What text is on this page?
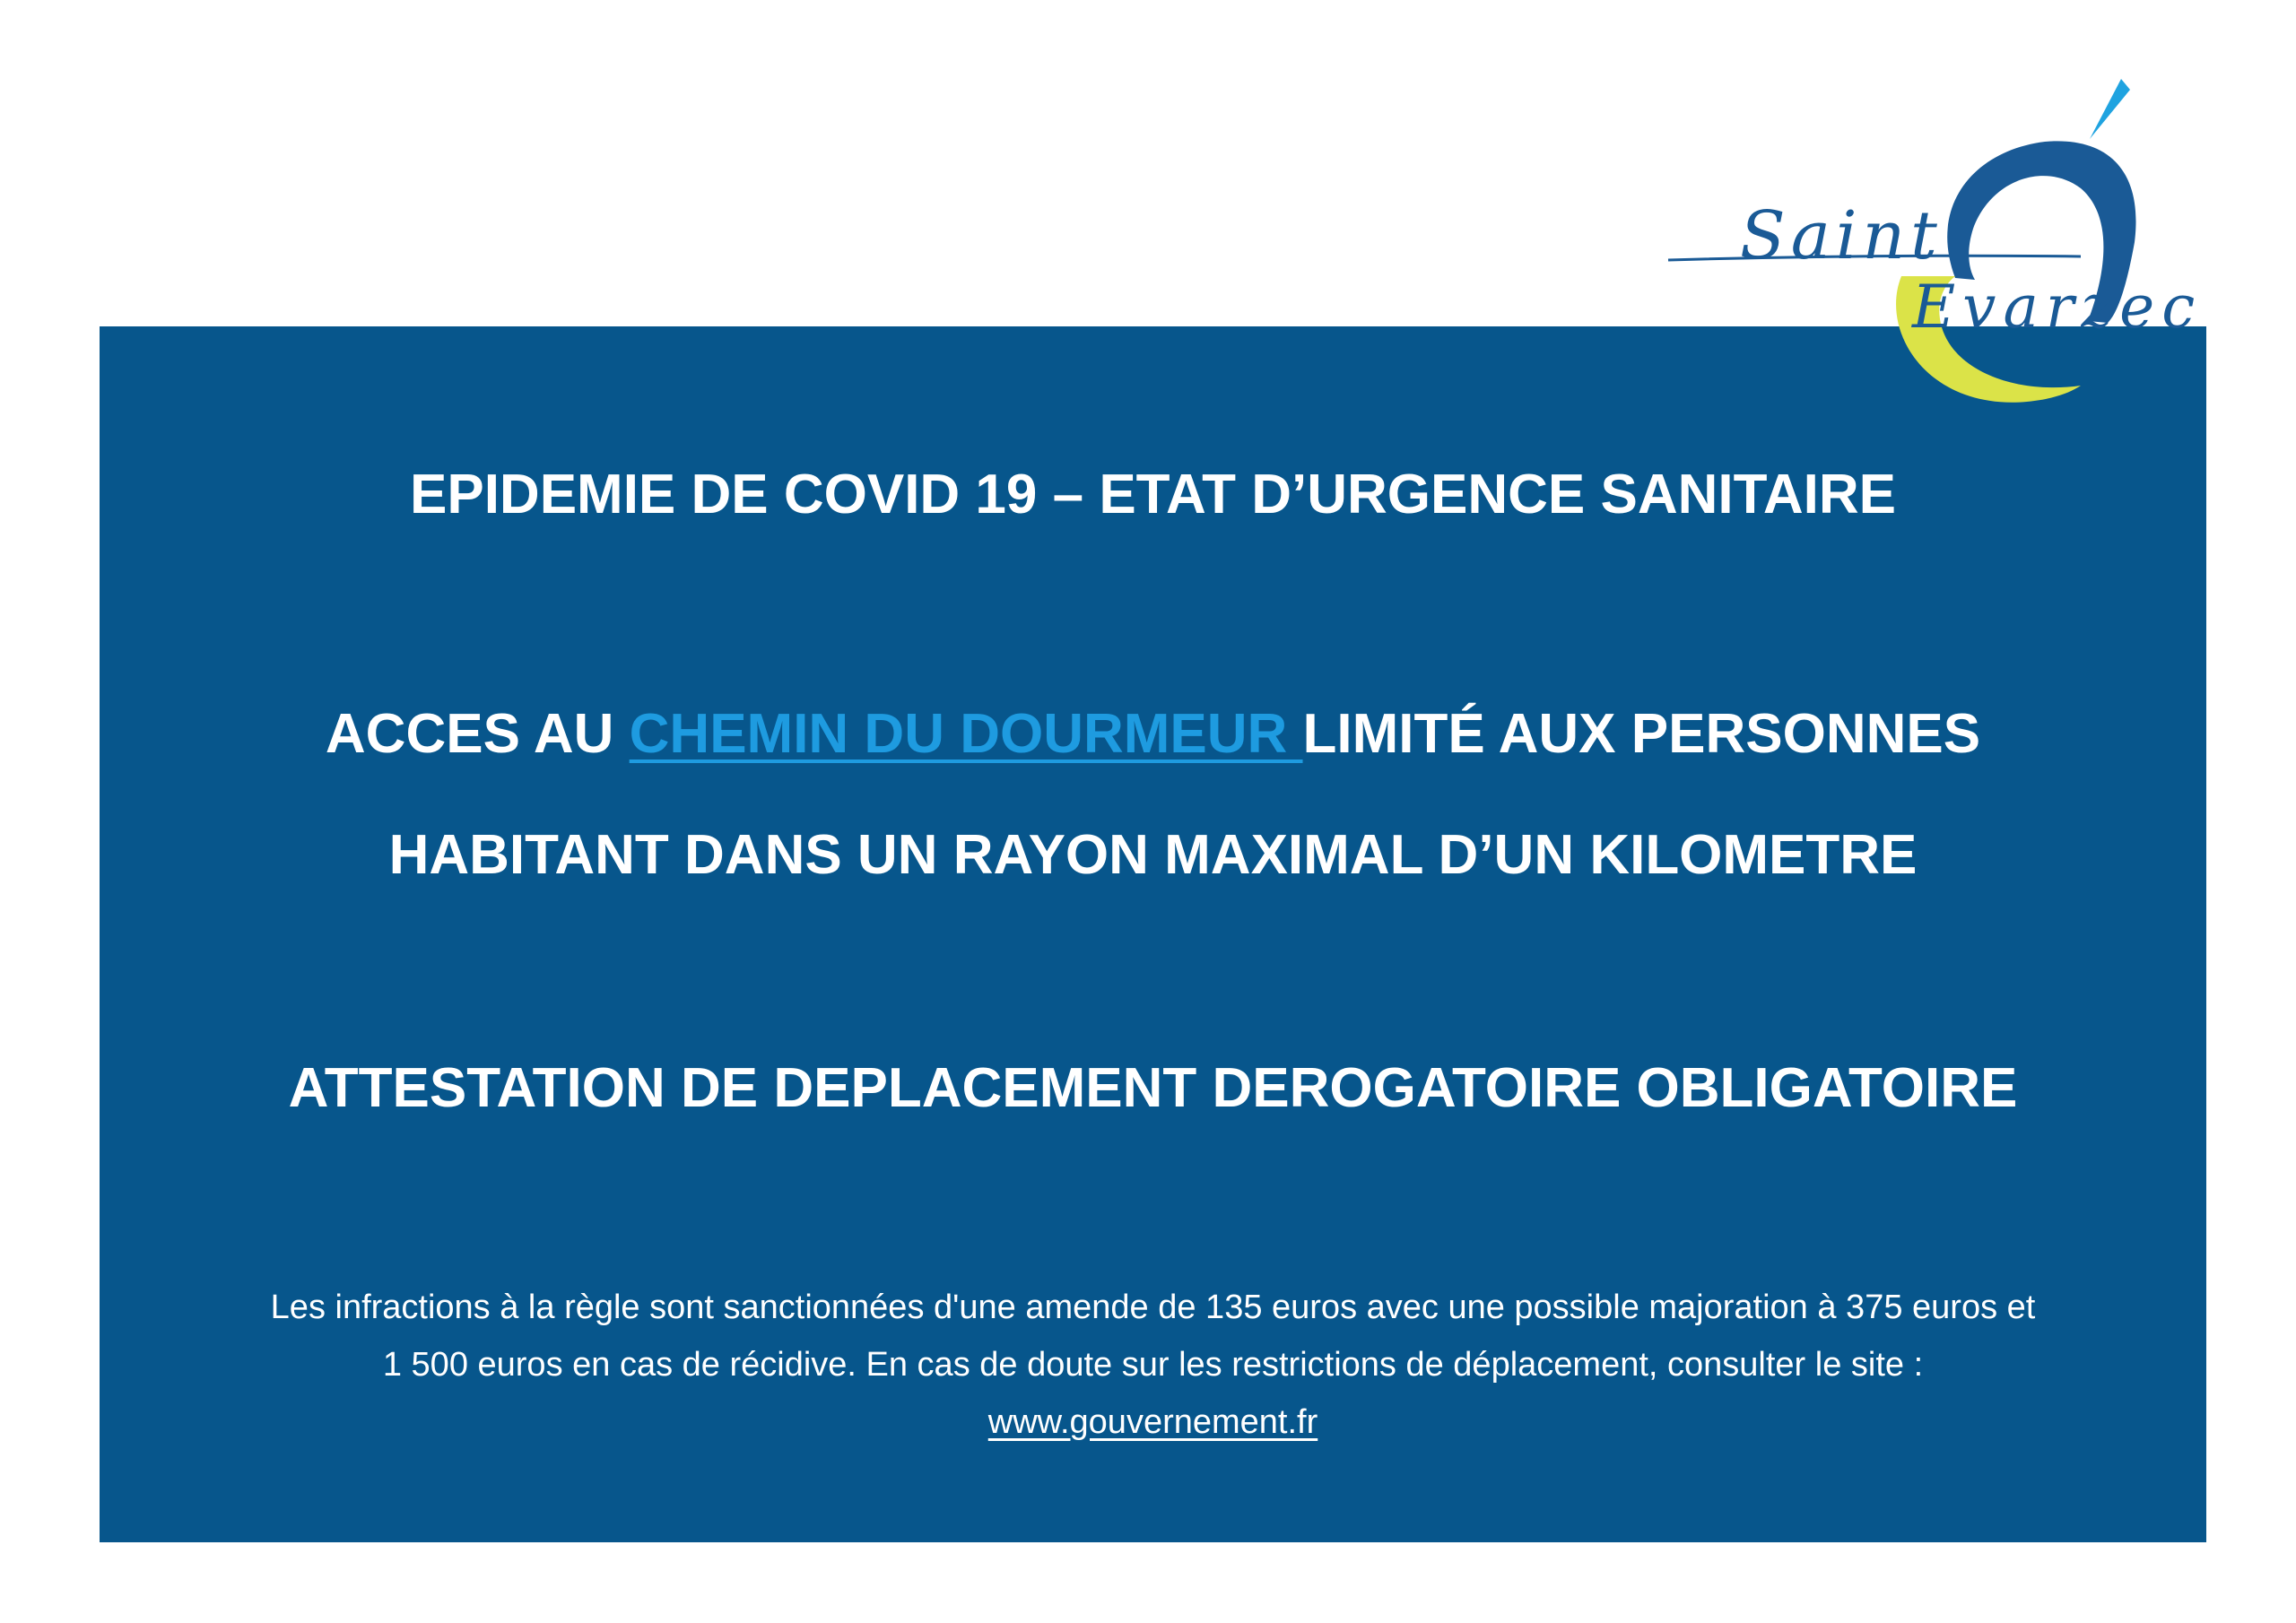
Saint
Evarzec
EPIDEMIE DE COVID 19 – ETAT D’URGENCE SANITAIRE
ACCES AU CHEMIN DU DOURMEUR LIMITÉ AUX PERSONNES
HABITANT DANS UN RAYON MAXIMAL D’UN KILOMETRE
ATTESTATION DE DEPLACEMENT DEROGATOIRE OBLIGATOIRE
Les infractions à la règle sont sanctionnées d'une amende de 135 euros avec une possible majoration à 375 euros et
1 500 euros en cas de récidive. En cas de doute sur les restrictions de déplacement, consulter le site :
www.gouvernement.fr
